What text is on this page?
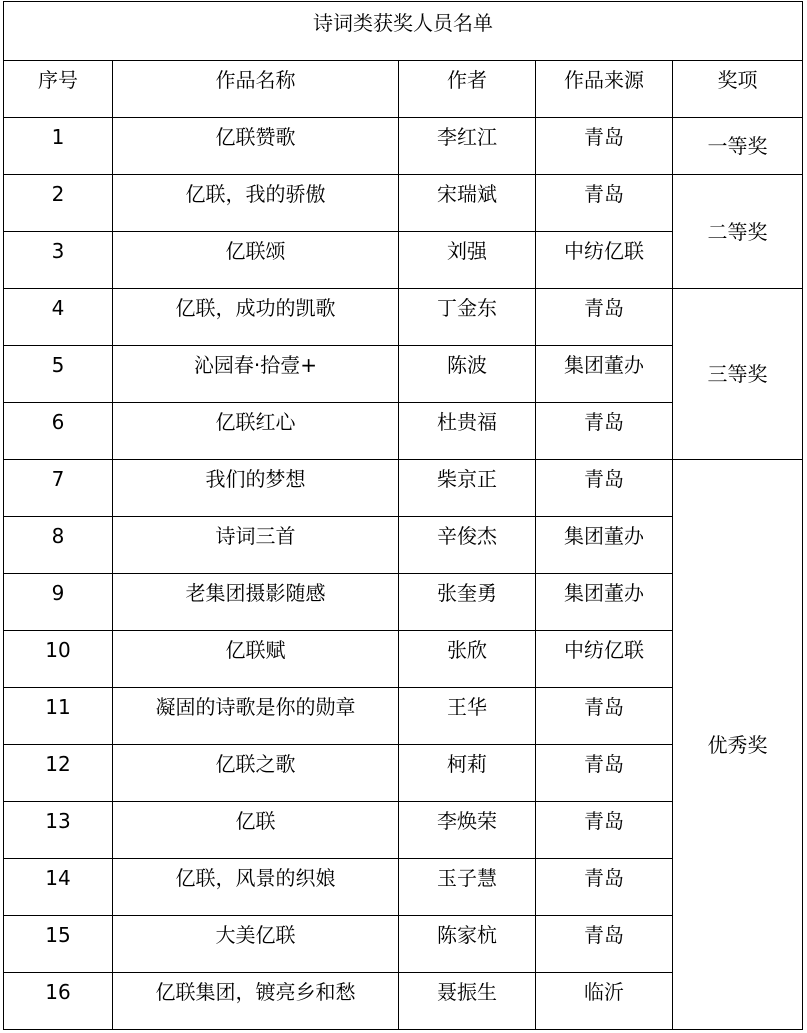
诗词类获奖人员名单				
序号	作品名称	作者	作品来源	奖项
1	亿联赞歌	李红江	青岛	一等奖
2	亿联，我的骄傲	宋瑞斌	青岛	二等奖
3	亿联颂	刘强	中纺亿联	
4	亿联，成功的凯歌	丁金东	青岛	三等奖
5	沁园春·拾壹+	陈波	集团董办	
6	亿联红心	杜贵福	青岛	
7	我们的梦想	柴京正	青岛	优秀奖
8	诗词三首	辛俊杰	集团董办	
9	老集团摄影随感	张奎勇	集团董办	
10	亿联赋	张欣	中纺亿联	
11	凝固的诗歌是你的勋章	王华	青岛	
12	亿联之歌	柯莉	青岛	
13	亿联	李焕荣	青岛	
14	亿联，风景的织娘	玉子慧	青岛	
15	大美亿联	陈家杭	青岛	
16	亿联集团，镀亮乡和愁	聂振生	临沂	
